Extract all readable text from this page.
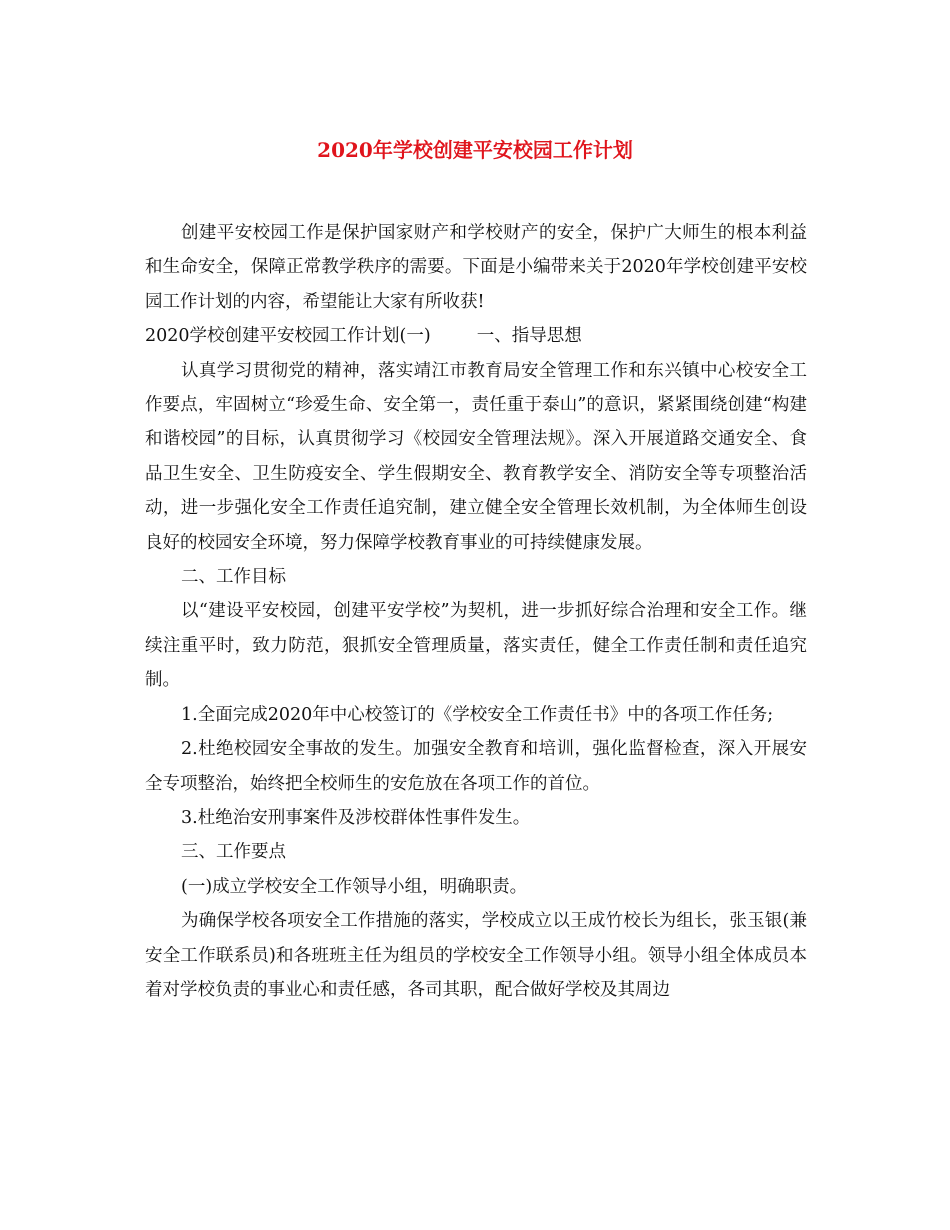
2020年学校创建平安校园工作计划

创建平安校园工作是保护国家财产和学校财产的安全，保护广大师生的根本利益和生命安全，保障正常教学秩序的需要。下面是小编带来关于2020年学校创建平安校园工作计划的内容，希望能让大家有所收获!

2020学校创建平安校园工作计划(一)	一、指导思想

认真学习贯彻党的精神，落实靖江市教育局安全管理工作和东兴镇中心校安全工作要点，牢固树立“珍爱生命、安全第一，责任重于泰山”的意识，紧紧围绕创建“构建和谐校园”的目标，认真贯彻学习《校园安全管理法规》。深入开展道路交通安全、食品卫生安全、卫生防疫安全、学生假期安全、教育教学安全、消防安全等专项整治活动，进一步强化安全工作责任追究制，建立健全安全管理长效机制，为全体师生创设良好的校园安全环境，努力保障学校教育事业的可持续健康发展。

二、工作目标

以“建设平安校园，创建平安学校”为契机，进一步抓好综合治理和安全工作。继续注重平时，致力防范，狠抓安全管理质量，落实责任，健全工作责任制和责任追究制。

1.全面完成2020年中心校签订的《学校安全工作责任书》中的各项工作任务;

2.杜绝校园安全事故的发生。加强安全教育和培训，强化监督检查，深入开展安全专项整治，始终把全校师生的安危放在各项工作的首位。

3.杜绝治安刑事案件及涉校群体性事件发生。

三、工作要点

(一)成立学校安全工作领导小组，明确职责。

为确保学校各项安全工作措施的落实，学校成立以王成竹校长为组长，张玉银(兼安全工作联系员)和各班班主任为组员的学校安全工作领导小组。领导小组全体成员本着对学校负责的事业心和责任感，各司其职，配合做好学校及其周边
